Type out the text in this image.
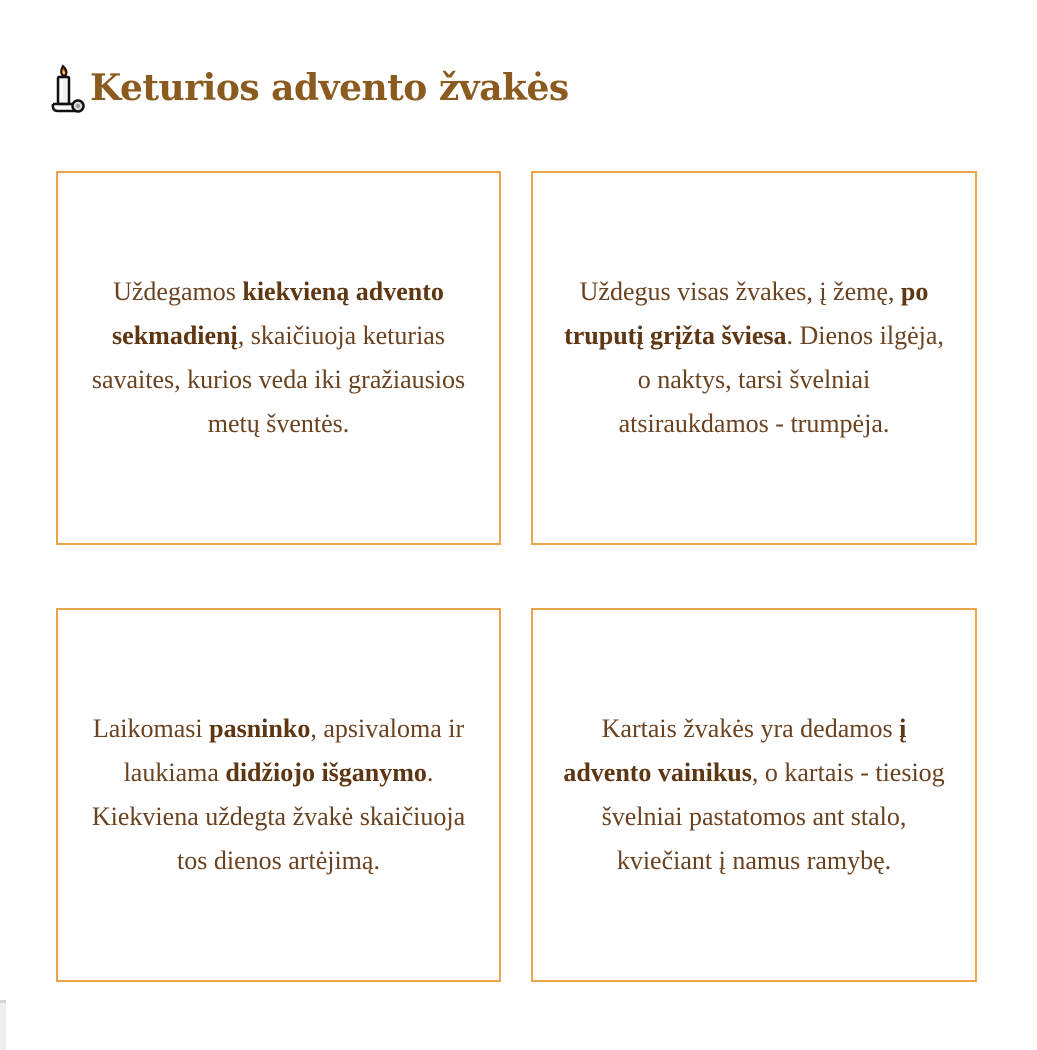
Keturios advento žvakės

Uždegamos kiekvieną advento sekmadienį, skaičiuoja keturias savaites, kurios veda iki gražiausios metų šventės.

Uždegus visas žvakes, į žemę, po truputį grįžta šviesa. Dienos ilgėja, o naktys, tarsi švelniai atsiraukdamos - trumpėja.

Laikomasi pasninko, apsivaloma ir laukiama didžiojo išganymo. Kiekviena uždegta žvakė skaičiuoja tos dienos artėjimą.

Kartais žvakės yra dedamos į advento vainikus, o kartais - tiesiog švelniai pastatomos ant stalo, kviečiant į namus ramybę.
